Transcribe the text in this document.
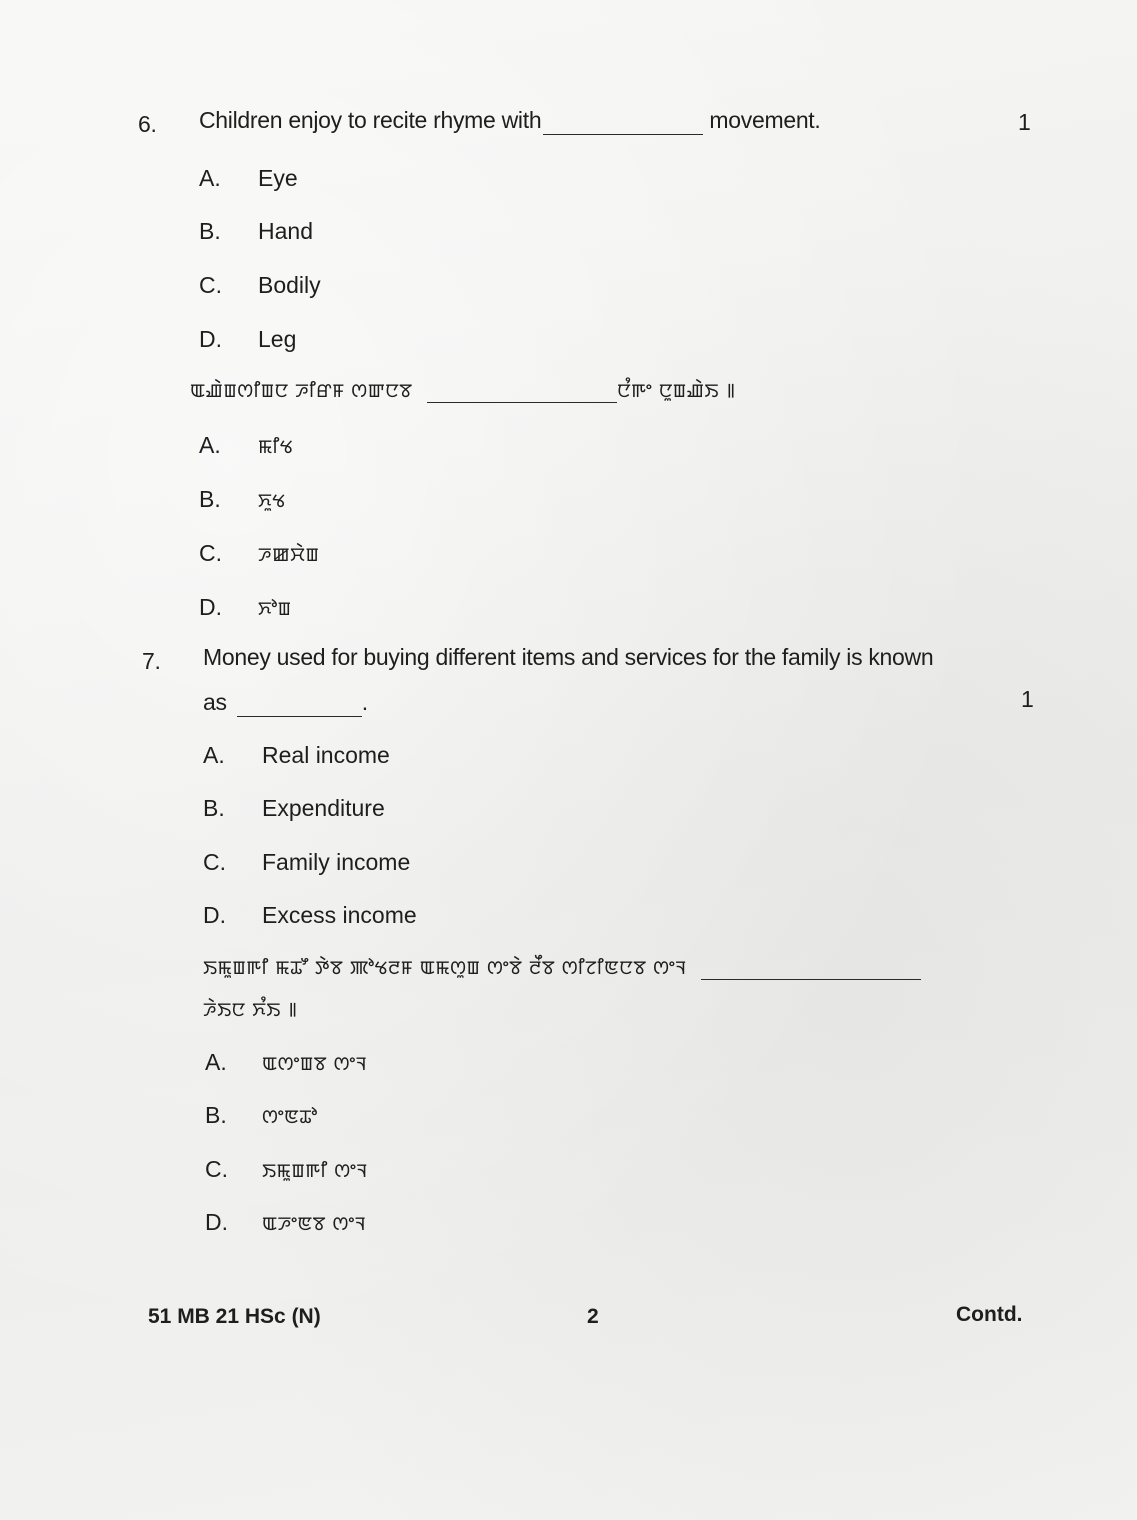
6. Children enjoy to recite rhyme with	movement.	1
A. Eye
B. Hand
C. Bodily
D. Leg
ꯑꯉꯥꯡꯁꯤꯡꯅ ꯍꯤꯔꯝ ꯁꯛꯅꯕ	ꯅꯪꯒꯦ ꯅꯨꯡꯉꯥꯏ ꯫
A. ꯃꯤꯠ
B. ꯈꯨꯠ
C. ꯍꯀꯆꯥꯡ
D. ꯈꯣꯡ
7. Money used for buying different items and services for the family is known
as	.	1
A. Real income
B. Expenditure
C. Family income
D. Excess income
ꯏꯃꯨꯡꯒꯤ ꯃꯊꯧ ꯇꯥꯕ ꯄꯣꯠꯂꯝ ꯑꯃꯁꯨꯡ ꯁꯦꯕꯥ ꯂꯩꯕ ꯁꯤꯖꯤꯟꯅꯕ ꯁꯦꯜ
ꯍꯥꯏꯅ ꯈꯪꯏ ꯫
A. ꯑꯁꯦꯡꯕ ꯁꯦꯜ
B. ꯁꯦꯟꯊꯣ
C. ꯏꯃꯨꯡꯒꯤ ꯁꯦꯜ
D. ꯑꯍꯦꯟꯕ ꯁꯦꯜ
51 MB 21 HSc (N)	2	Contd.
